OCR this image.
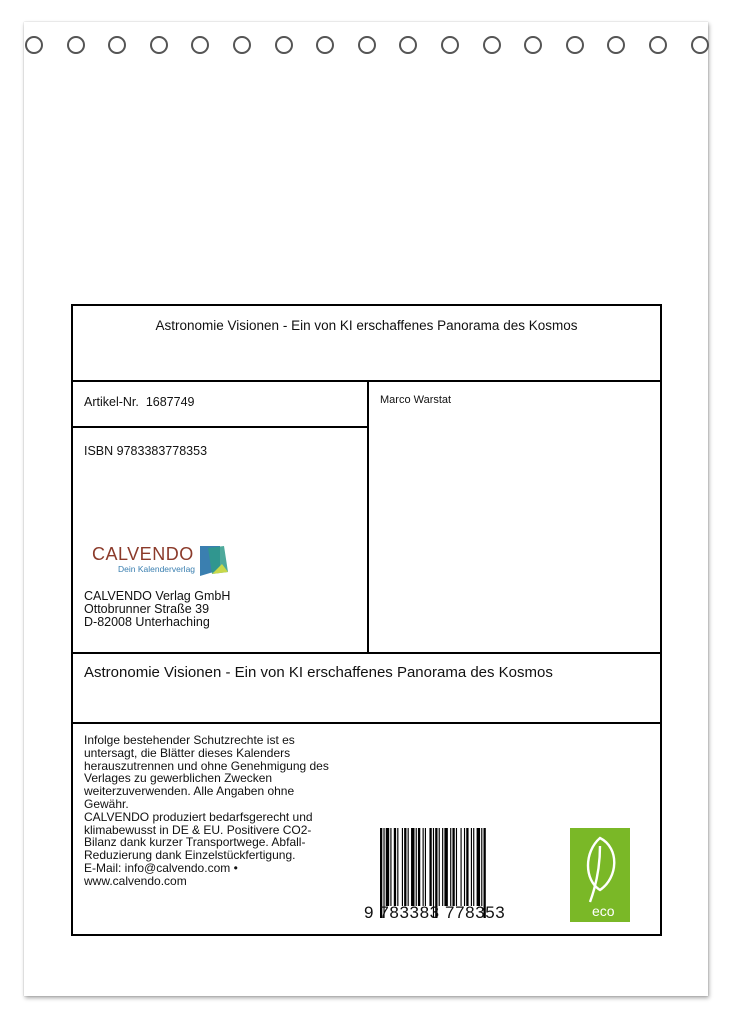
Astronomie Visionen - Ein von KI erschaffenes Panorama des Kosmos
Artikel-Nr. 1687749	Marco Warstat
ISBN 9783383778353
CALVENDO
Dein Kalenderverlag
CALVENDO Verlag GmbH
Ottobrunner Straße 39
D-82008 Unterhaching
Astronomie Visionen - Ein von KI erschaffenes Panorama des Kosmos
Infolge bestehender Schutzrechte ist es
untersagt, die Blätter dieses Kalenders
herauszutrennen und ohne Genehmigung des
Verlages zu gewerblichen Zwecken
weiterzuverwenden. Alle Angaben ohne
Gewähr.
CALVENDO produziert bedarfsgerecht und
klimabewusst in DE & EU. Positivere CO2-
Bilanz dank kurzer Transportwege. Abfall-
Reduzierung dank Einzelstückfertigung.
E-Mail: info@calvendo.com •
www.calvendo.com
9 783383 778353	eco
